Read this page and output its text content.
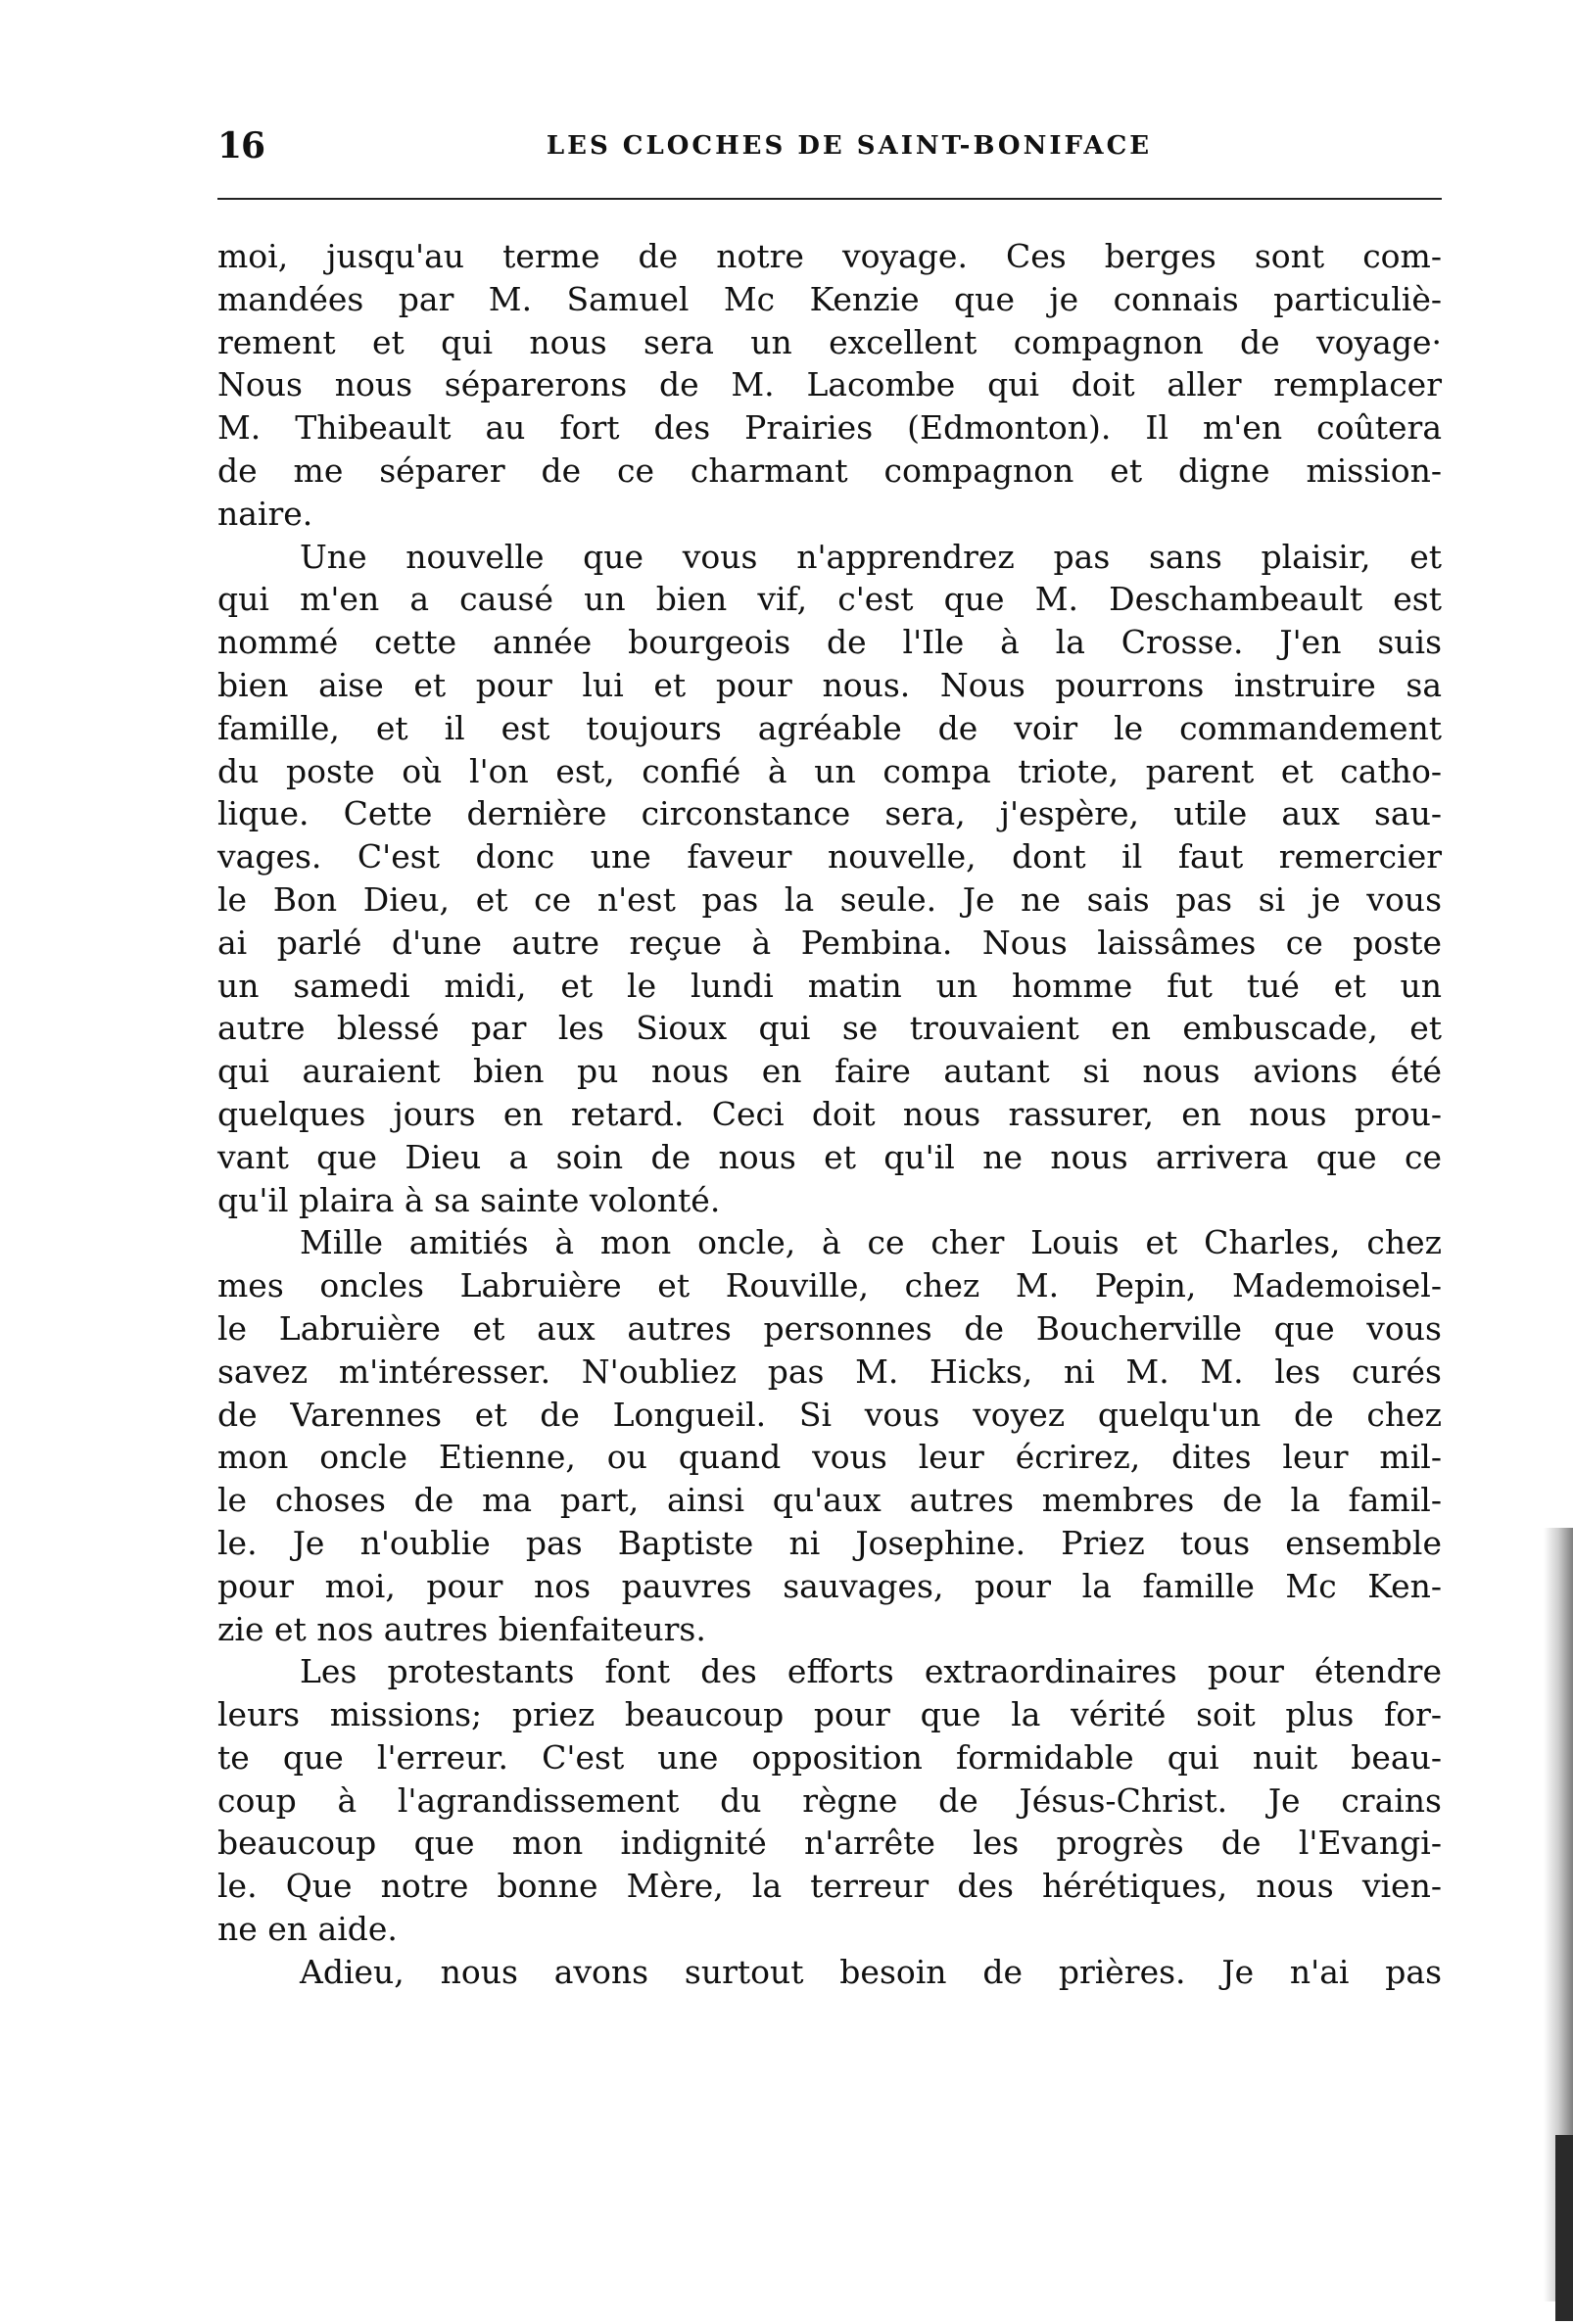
16	LES CLOCHES DE SAINT-BONIFACE
moi, jusqu'au terme de notre voyage. Ces berges sont com-
mandées par M. Samuel Mc Kenzie que je connais particuliè-
rement et qui nous sera un excellent compagnon de voyage·
Nous nous séparerons de M. Lacombe qui doit aller remplacer
M. Thibeault au fort des Prairies (Edmonton). Il m'en coûtera
de me séparer de ce charmant compagnon et digne mission-
naire.
Une nouvelle que vous n'apprendrez pas sans plaisir, et
qui m'en a causé un bien vif, c'est que M. Deschambeault est
nommé cette année bourgeois de l'Ile à la Crosse. J'en suis
bien aise et pour lui et pour nous. Nous pourrons instruire sa
famille, et il est toujours agréable de voir le commandement
du poste où l'on est, confié à un compa triote, parent et catho-
lique. Cette dernière circonstance sera, j'espère, utile aux sau-
vages. C'est donc une faveur nouvelle, dont il faut remercier
le Bon Dieu, et ce n'est pas la seule. Je ne sais pas si je vous
ai parlé d'une autre reçue à Pembina. Nous laissâmes ce poste
un samedi midi, et le lundi matin un homme fut tué et un
autre blessé par les Sioux qui se trouvaient en embuscade, et
qui auraient bien pu nous en faire autant si nous avions été
quelques jours en retard. Ceci doit nous rassurer, en nous prou-
vant que Dieu a soin de nous et qu'il ne nous arrivera que ce
qu'il plaira à sa sainte volonté.
Mille amitiés à mon oncle, à ce cher Louis et Charles, chez
mes oncles Labruière et Rouville, chez M. Pepin, Mademoisel-
le Labruière et aux autres personnes de Boucherville que vous
savez m'intéresser. N'oubliez pas M. Hicks, ni M. M. les curés
de Varennes et de Longueil. Si vous voyez quelqu'un de chez
mon oncle Etienne, ou quand vous leur écrirez, dites leur mil-
le choses de ma part, ainsi qu'aux autres membres de la famil-
le. Je n'oublie pas Baptiste ni Josephine. Priez tous ensemble
pour moi, pour nos pauvres sauvages, pour la famille Mc Ken-
zie et nos autres bienfaiteurs.
Les protestants font des efforts extraordinaires pour étendre
leurs missions; priez beaucoup pour que la vérité soit plus for-
te que l'erreur. C'est une opposition formidable qui nuit beau-
coup à l'agrandissement du règne de Jésus-Christ. Je crains
beaucoup que mon indignité n'arrête les progrès de l'Evangi-
le. Que notre bonne Mère, la terreur des hérétiques, nous vien-
ne en aide.
Adieu, nous avons surtout besoin de prières. Je n'ai pas
